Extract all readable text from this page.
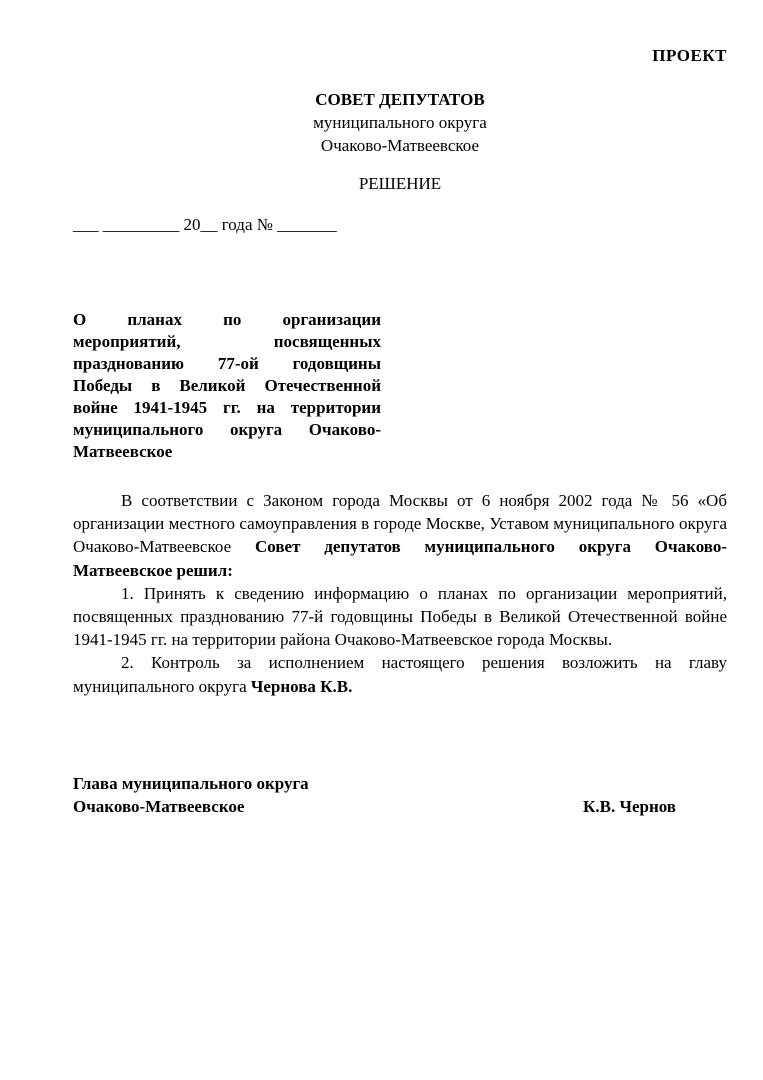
ПРОЕКТ
СОВЕТ ДЕПУТАТОВ
муниципального округа
Очаково-Матвеевское
РЕШЕНИЕ
___ _________ 20__ года № _______
О планах по организации
мероприятий, посвященных
празднованию 77-ой годовщины
Победы в Великой Отечественной
войне 1941-1945 гг. на территории
муниципального округа Очаково-
Матвеевское

В соответствии с Законом города Москвы от 6 ноября 2002 года № 56 «Об организации местного самоуправления в городе Москве, Уставом муниципального округа Очаково-Матвеевское Совет депутатов муниципального округа Очаково-Матвеевское решил:

1. Принять к сведению информацию о планах по организации мероприятий, посвященных празднованию 77-й годовщины Победы в Великой Отечественной войне 1941-1945 гг. на территории района Очаково-Матвеевское города Москвы.

2. Контроль за исполнением настоящего решения возложить на главу муниципального округа Чернова К.В.

Глава муниципального округа
Очаково-Матвеевское	К.В. Чернов
